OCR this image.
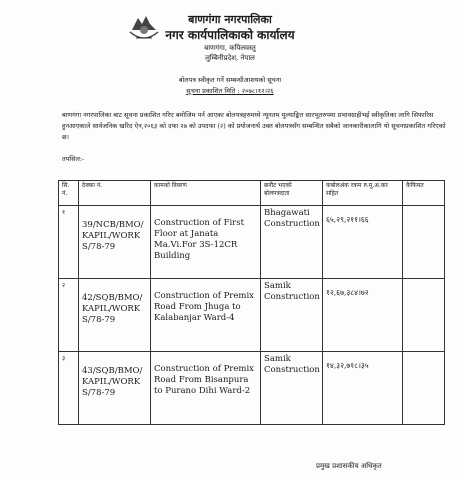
बाणगंगा नगरपालिका
नगर कार्यपालिकाको कार्यालय
बाणगंगा, कपिलवस्तु
लुम्बिनीप्रदेश, नेपाल
बोलपत्र स्वीकृत गर्ने सम्बन्धीआशयको सूचना
सूचना प्रकाशित मिति : २०७८।१२।२६
बाणगंगा नगरपालिका बाट सूचना प्रकाशित गरिए बमोजिम पर्न आएका बोलपत्रहरुमध्ये न्यूनतम मूल्याङ्कित सारभूतरुपमा प्रभावग्राहीभई स्वीकृतिका लागि सिफारिस हुनआएकाले सार्वजनिक खरिद ऐन,२०६३ को दफा २७ को उपदफा (२) को प्रयोजनार्थ उक्त बोलपत्रसँग सम्बन्धित सबैको जानकारीकालागि यो सूचनाप्रकाशित गरिएको छ।
तपसिल:-
सि. नं.	ठेक्का नं.	कामको विवरण	छनौट भएको बोलपत्रदाता	कबोलअंक रकम रु.मू.अ.कर सहित	कैफियत
१	39/NCB/BMO/ KAPIL/WORK S/78-79	Construction of First Floor at Janata Ma.Vi.For 3S-12CR Building	Bhagawati Construction	६५,२९,२११।६६	
२	42/SQB/BMO/ KAPIL/WORK S/78-79	Construction of Premix Road From Jhuga to Kalabanjar Ward-4	Samik Construction	१२,६७,३८४।७२	
३	43/SQB/BMO/ KAPIL/WORK S/78-79	Construction of Premix Road From Bisanpura to Purano Dihi Ward-2	Samik Construction	१४,३२,७१८।३५	
प्रमुख प्रशासकीय अधिकृत
